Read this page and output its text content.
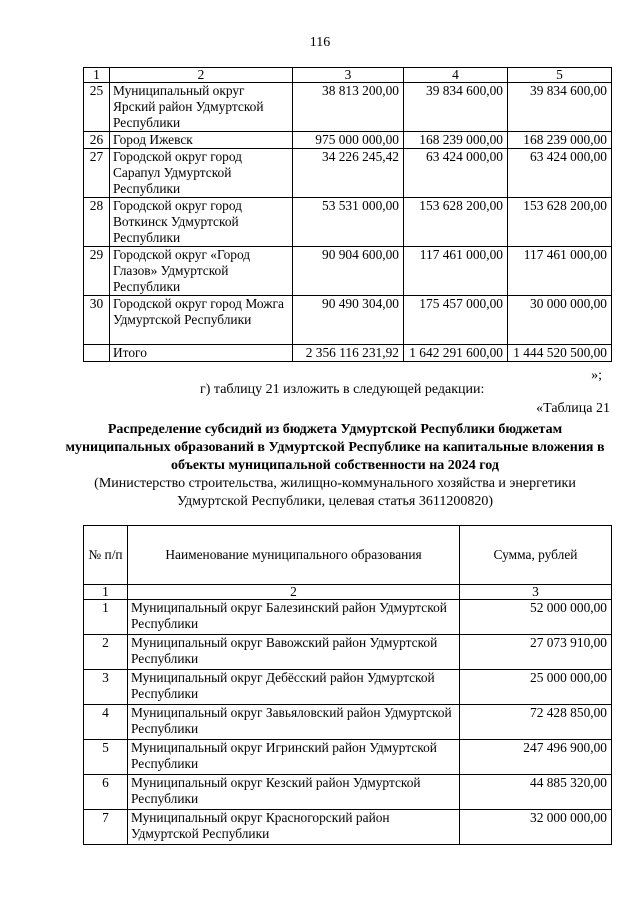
116
1	2	3	4	5
25	Муниципальный округ Ярский район Удмуртской Республики	38 813 200,00	39 834 600,00	39 834 600,00
26	Город Ижевск	975 000 000,00	168 239 000,00	168 239 000,00
27	Городской округ город Сарапул Удмуртской Республики	34 226 245,42	63 424 000,00	63 424 000,00
28	Городской округ город Воткинск Удмуртской Республики	53 531 000,00	153 628 200,00	153 628 200,00
29	Городской округ «Город Глазов» Удмуртской Республики	90 904 600,00	117 461 000,00	117 461 000,00
30	Городской округ город Можга Удмуртской Республики	90 490 304,00	175 457 000,00	30 000 000,00
	Итого	2 356 116 231,92	1 642 291 600,00	1 444 520 500,00
»;
г) таблицу 21 изложить в следующей редакции:
«Таблица 21
Распределение субсидий из бюджета Удмуртской Республики бюджетам муниципальных образований в Удмуртской Республике на капитальные вложения в объекты муниципальной собственности на 2024 год
(Министерство строительства, жилищно-коммунального хозяйства и энергетики Удмуртской Республики, целевая статья 3611200820)
№ п/п	Наименование муниципального образования	Сумма, рублей
1	2	3
1	Муниципальный округ Балезинский район Удмуртской Республики	52 000 000,00
2	Муниципальный округ Вавожский район Удмуртской Республики	27 073 910,00
3	Муниципальный округ Дебёсский район Удмуртской Республики	25 000 000,00
4	Муниципальный округ Завьяловский район Удмуртской Республики	72 428 850,00
5	Муниципальный округ Игринский район Удмуртской Республики	247 496 900,00
6	Муниципальный округ Кезский район Удмуртской Республики	44 885 320,00
7	Муниципальный округ Красногорский район Удмуртской Республики	32 000 000,00
